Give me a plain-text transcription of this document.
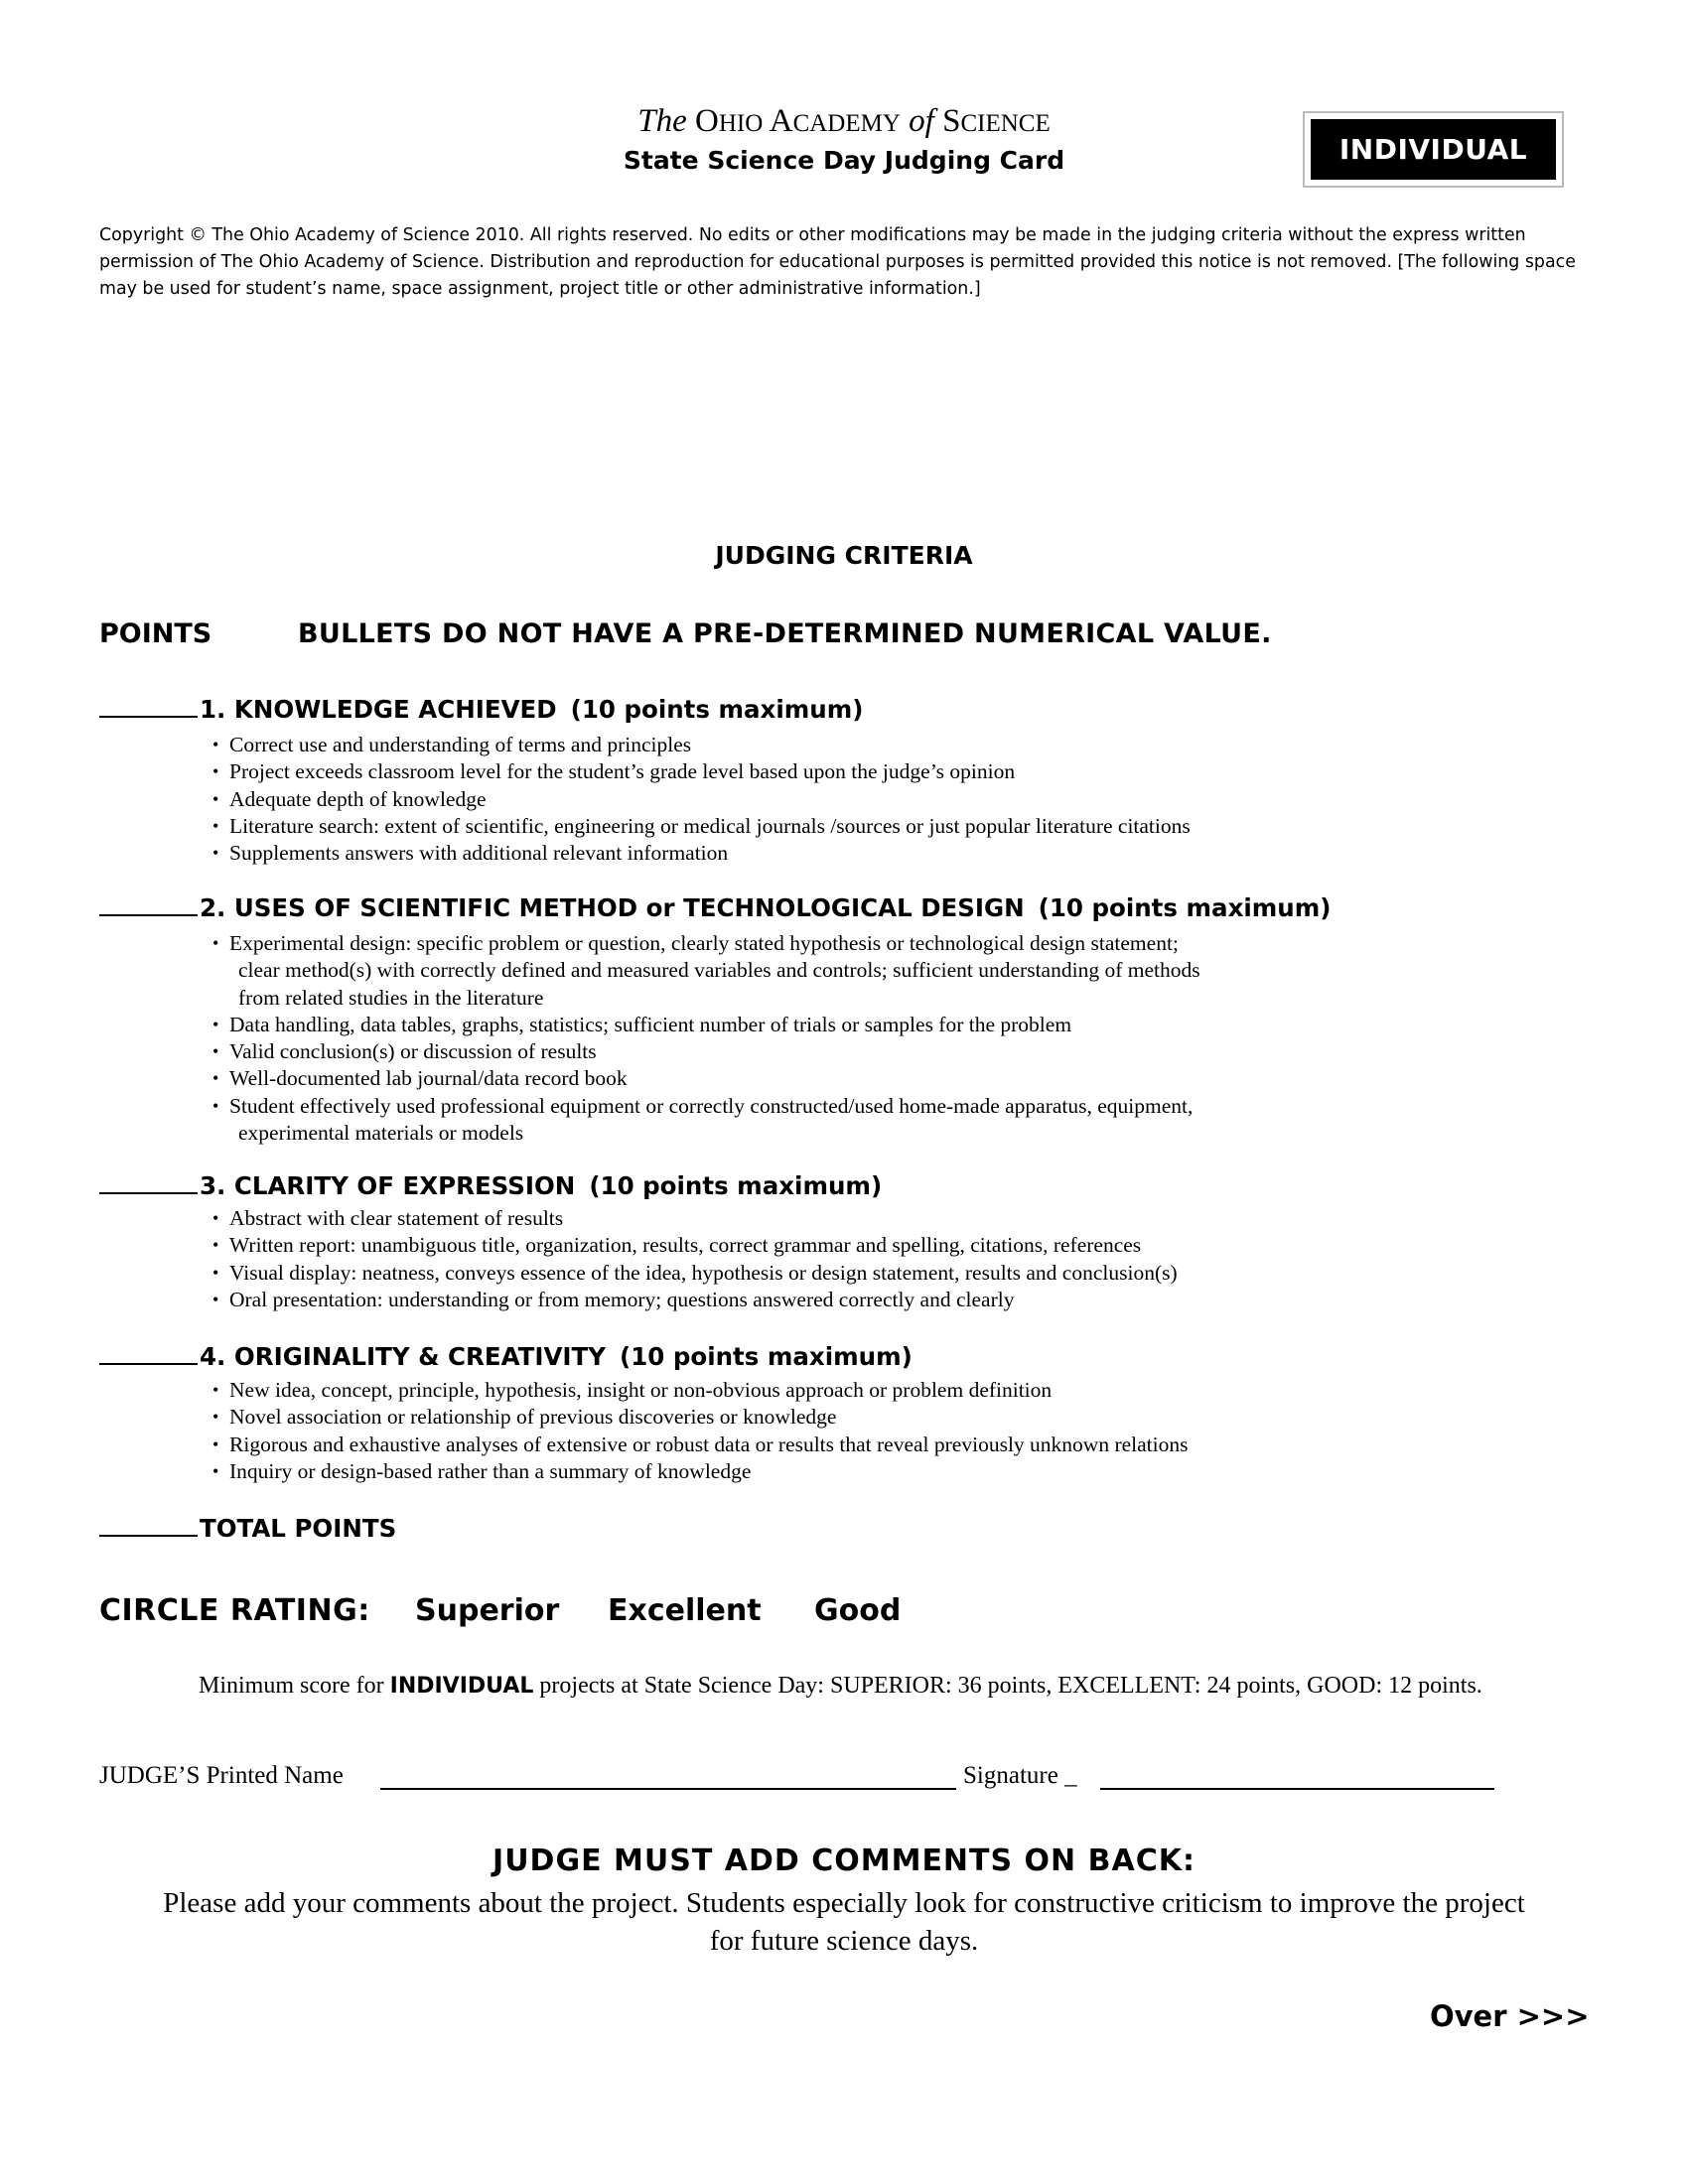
The OHIO ACADEMY of SCIENCE
State Science Day Judging Card	INDIVIDUAL
Copyright © The Ohio Academy of Science 2010. All rights reserved. No edits or other modifications may be made in the judging criteria without the express written permission of The Ohio Academy of Science. Distribution and reproduction for educational purposes is permitted provided this notice is not removed. [The following space may be used for student’s name, space assignment, project title or other administrative information.]
JUDGING CRITERIA
POINTS	BULLETS DO NOT HAVE A PRE-DETERMINED NUMERICAL VALUE.
1. KNOWLEDGE ACHIEVED (10 points maximum)
• Correct use and understanding of terms and principles
• Project exceeds classroom level for the student’s grade level based upon the judge’s opinion
• Adequate depth of knowledge
• Literature search: extent of scientific, engineering or medical journals /sources or just popular literature citations
• Supplements answers with additional relevant information
2. USES OF SCIENTIFIC METHOD or TECHNOLOGICAL DESIGN (10 points maximum)
• Experimental design: specific problem or question, clearly stated hypothesis or technological design statement;
clear method(s) with correctly defined and measured variables and controls; sufficient understanding of methods
from related studies in the literature
• Data handling, data tables, graphs, statistics; sufficient number of trials or samples for the problem
• Valid conclusion(s) or discussion of results
• Well-documented lab journal/data record book
• Student effectively used professional equipment or correctly constructed/used home-made apparatus, equipment,
experimental materials or models
3. CLARITY OF EXPRESSION (10 points maximum)
• Abstract with clear statement of results
• Written report: unambiguous title, organization, results, correct grammar and spelling, citations, references
• Visual display: neatness, conveys essence of the idea, hypothesis or design statement, results and conclusion(s)
• Oral presentation: understanding or from memory; questions answered correctly and clearly
4. ORIGINALITY & CREATIVITY (10 points maximum)
• New idea, concept, principle, hypothesis, insight or non-obvious approach or problem definition
• Novel association or relationship of previous discoveries or knowledge
• Rigorous and exhaustive analyses of extensive or robust data or results that reveal previously unknown relations
• Inquiry or design-based rather than a summary of knowledge
TOTAL POINTS
CIRCLE RATING: Superior Excellent Good
Minimum score for INDIVIDUAL projects at State Science Day: SUPERIOR: 36 points, EXCELLENT: 24 points, GOOD: 12 points.
JUDGE’S Printed Name	Signature _
JUDGE MUST ADD COMMENTS ON BACK:
Please add your comments about the project. Students especially look for constructive criticism to improve the project for future science days.
Over >>>
